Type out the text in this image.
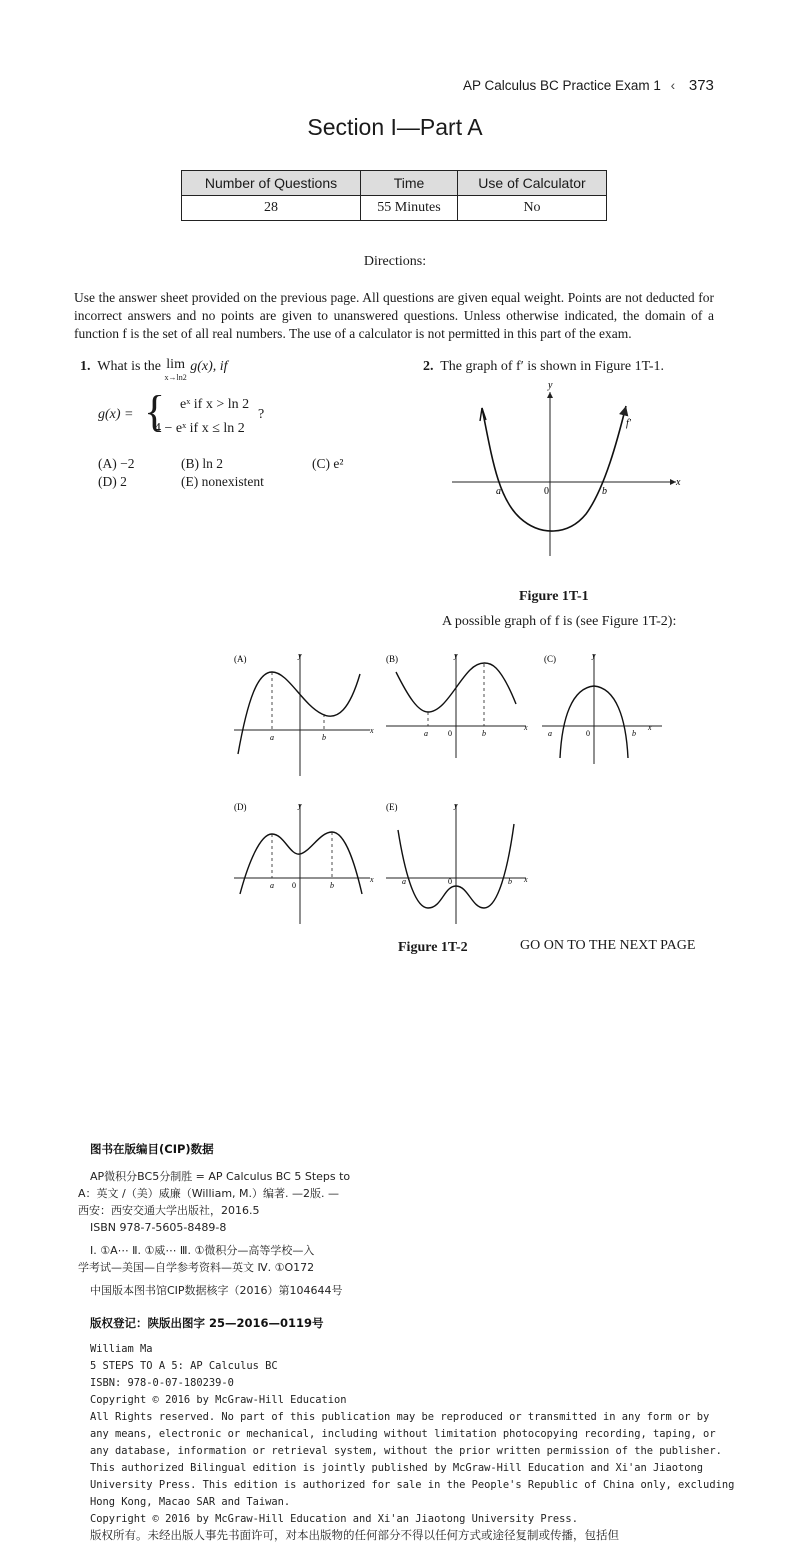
AP Calculus BC Practice Exam 1 ‹ 373
Section I—Part A
Number of Questions	Time	Use of Calculator
28	55 Minutes	No
Directions:
Use the answer sheet provided on the previous page. All questions are given equal weight. Points are not deducted for incorrect answers and no points are given to unanswered questions. Unless otherwise indicated, the domain of a function f is the set of all real numbers. The use of a calculator is not permitted in this part of the exam.
1. What is the lim
x→ln2 g(x), if
g(x) = { eˣ if x > ln 2
4 − eˣ if x ≤ ln 2
?
(A) −2	(B) ln 2	(C) e²
(D) 2	(E) nonexistent
2. The graph of f′ is shown in Figure 1T-1.
x
y
a	0	b
f′
Figure 1T-1
A possible graph of f is (see Figure 1T-2):
(A)
a	b
x
y	(B)
a	0	b
x
y	(C)
a	0	b
x
y
(D)
a 0	b
x
y	(E)
a	0	b x
y
Figure 1T-2	GO ON TO THE NEXT PAGE
图书在版编目(CIP)数据
AP微积分BC5分制胜 = AP Calculus BC 5 Steps to
A：英文 /（美）威廉（William, M.）编著. —2版. —
西安：西安交通大学出版社，2016.5
ISBN 978-7-5605-8489-8
Ⅰ. ①A⋯ Ⅱ. ①威⋯ Ⅲ. ①微积分—高等学校—入
学考试—美国—自学参考资料—英文 Ⅳ. ①O172
中国版本图书馆CIP数据核字（2016）第104644号
版权登记：陕版出图字 25—2016—0119号
William Ma
5 STEPS TO A 5: AP Calculus BC
ISBN: 978-0-07-180239-0
Copyright © 2016 by McGraw-Hill Education
All Rights reserved. No part of this publication may be reproduced or transmitted in any form or by
any means, electronic or mechanical, including without limitation photocopying recording, taping, or
any database, information or retrieval system, without the prior written permission of the publisher.
This authorized Bilingual edition is jointly published by McGraw-Hill Education and Xi'an Jiaotong
University Press. This edition is authorized for sale in the People's Republic of China only, excluding
Hong Kong, Macao SAR and Taiwan.
Copyright © 2016 by McGraw-Hill Education and Xi'an Jiaotong University Press.
版权所有。未经出版人事先书面许可，对本出版物的任何部分不得以任何方式或途径复制或传播，包括但
